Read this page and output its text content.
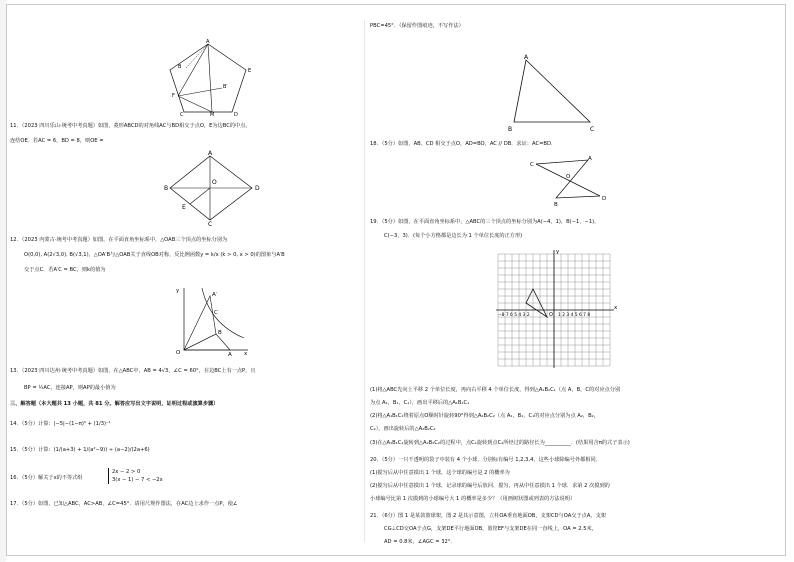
A
B
F
B′
E
M	D
C
11．（2023 四川乐山·统考中考真题）如图，菱形ABCD的对角线AC与BD相交于点O，E为边BC的中点，
连结OE．若AC = 6，BD = 8，则OE =
A
B
O
D
E
C
12．（2023 内蒙古·统考中考真题）如图，在平面直角坐标系中，△OAB三个顶点的坐标分别为
O(0,0), A(2√3,0), B(√3,1)，△OA′B与△OAB关于直线OB对称，反比例函数y = k/x (k > 0, x > 0)的图象与A′B
交于点C．若A′C = BC，则k的值为
y
A′
C
B
O	A x
13．（2023 四川达州·统考中考真题）如图，在△ABC中，AB = 4√3，∠C = 60°，在边BC上有一点P，且
BP = ½AC，连接AP，则AP的最小值为
三、解答题（本大题共 13 小题，共 81 分。解答应写出文字说明，证明过程或演算步骤）
14．（5分）计算：|−5|−(1−π)⁰ + (1/3)⁻¹
15．（5分）计算：(1/(a+3) + 1/(a²−9)) ÷ (a−2)/(2a+6)
16．（5分）解关于x的不等式组
2x − 2 > 0
3(x − 1) − 7 < −2x
17．（5分）如图，已知△ABC，AC>AB，∠C=45°．请用尺规作图法，在AC边上求作一点P，使∠
PBC=45°．（保留作图痕迹，不写作法）
A
B	C
18．（5分）如图，AB、CD 相交于点O，AD=BO，AC // DB．求证：AC=BD．
C
A
O
B
D
19．（5分）如图，在平面直角坐标系中，△ABC的三个顶点的坐标分别为A(−4，1)，B(−1，−1)，
C(−3，3)．(每个小方格都是边长为 1 个单位长度的正方形)
x
y
O
−8 7 6 5 4 3 2	1 2 3 4 5 6 7 8
(1)将△ABC先向上平移 2 个单位长度，再向右平移 4 个单位长度，得到△A₁B₁C₁（点 A，B，C的对应点分别
为点 A₁，B₁，C₁），画出平移后的△A₁B₁C₁
(2)将△A₁B₁C₁绕着原点O顺时针旋转90°得到△A₂B₂C₂（点 A₁，B₁，C₁的对应点分别为点 A₂，B₂，
C₂），画出旋转后的△A₂B₂C₂
(3)在△A₁B₁C₁旋转到△A₂B₂C₂的过程中，点C₁旋转到点C₂所经过的路径长为__________．(结果用含π的式子表示)
20．（5分）一只不透明的袋子中装有 4 个小球，分别标有编号 1,2,3,4，这些小球除编号外都相同．
(1)搅匀后从中任意摸出 1 个球，这个球的编号是 2 的概率为
(2)搅匀后从中任意摸出 1 个球，记录球的编号后放回、搅匀，再从中任意摸出 1 个球．求第 2 次摸到的
小球编号比第 1 次摸到的小球编号大 1 的概率是多少？（用画树状图或列表的方法说明）
21．（6分）图 1 是某款篮球架，图 2 是其示意图，立柱OA垂直地面OB，支架CD与OA交于点A，支架
CG⊥CD交OA于点G，支架DE平行地面OB，篮筐EF与支架DE在同一直线上，OA = 2.5米，
AD = 0.8米，∠AGC = 32°．
